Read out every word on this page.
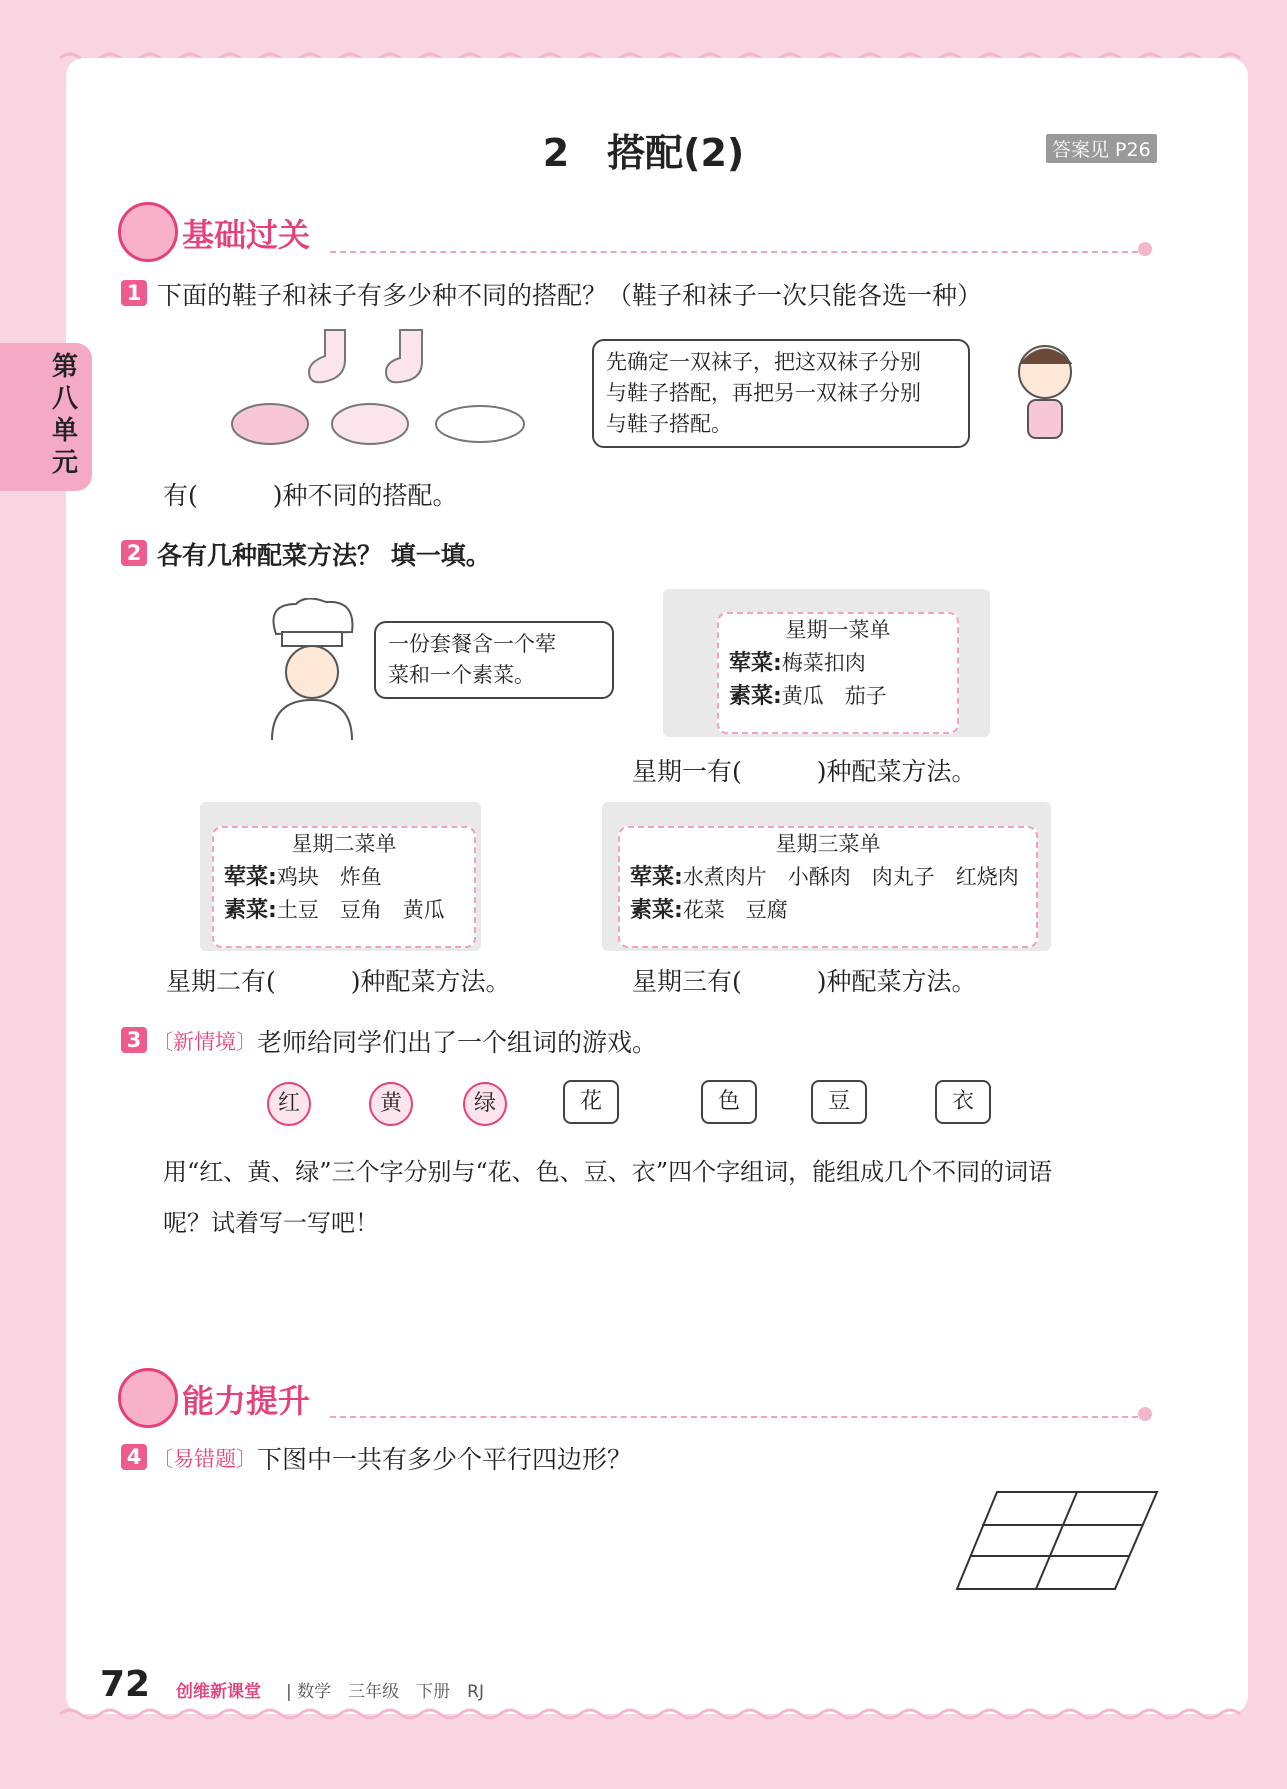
2　搭配(2)	答案见 P26
第八单元
基础过关
1 下面的鞋子和袜子有多少种不同的搭配？（鞋子和袜子一次只能各选一种）
先确定一双袜子，把这双袜子分别
与鞋子搭配，再把另一双袜子分别
与鞋子搭配。
有(　　　)种不同的搭配。
2 各有几种配菜方法？ 填一填。
一份套餐含一个荤
菜和一个素菜。
星期一菜单
荤菜:梅菜扣肉
素菜:黄瓜　茄子
星期一有(　　　)种配菜方法。
星期二菜单
荤菜:鸡块　炸鱼
素菜:土豆　豆角　黄瓜
星期二有(　　　)种配菜方法。
星期三菜单
荤菜:水煮肉片　小酥肉　肉丸子　红烧肉
素菜:花菜　豆腐
星期三有(　　　)种配菜方法。
3 〔新情境〕 老师给同学们出了一个组词的游戏。
红	黄	绿	花	色	豆	衣
用“红、黄、绿”三个字分别与“花、色、豆、衣”四个字组词，能组成几个不同的词语
呢？试着写一写吧！
能力提升
4 〔易错题〕 下图中一共有多少个平行四边形？
72 创维新课堂 | 数学　三年级　下册　RJ
